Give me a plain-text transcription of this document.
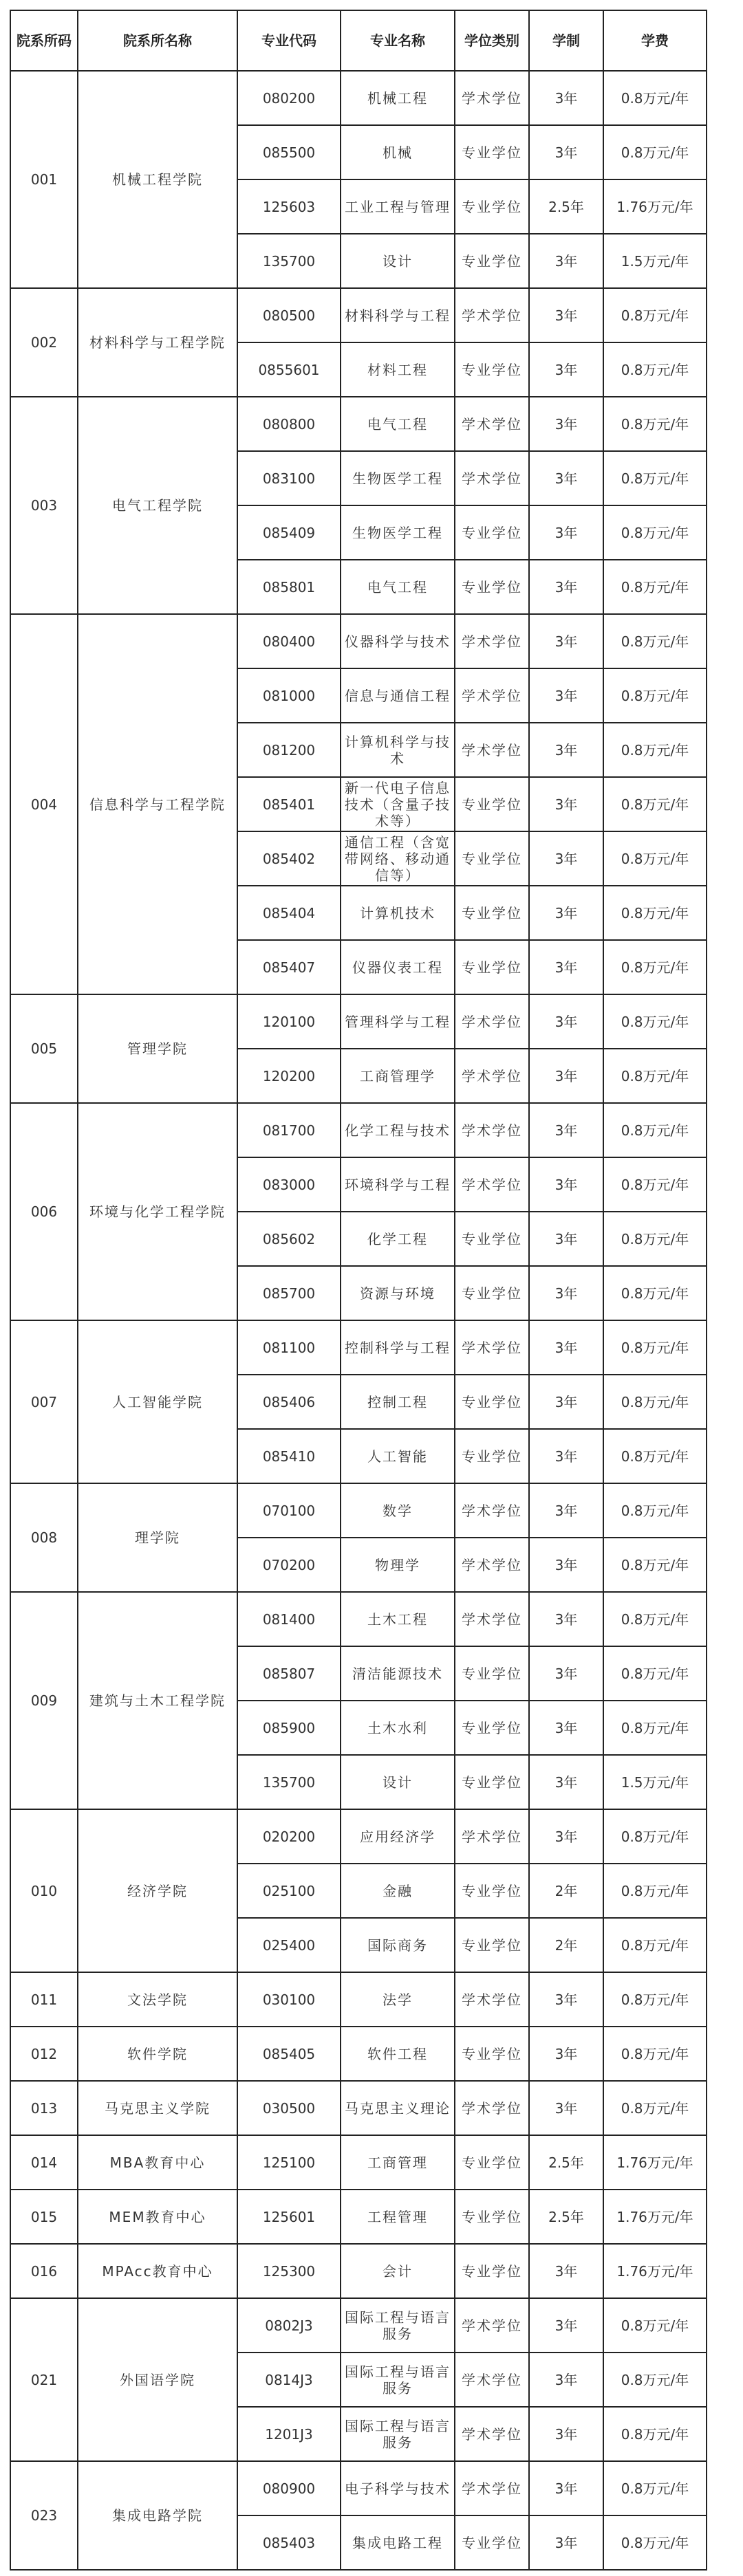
院系所码	院系所名称	专业代码	专业名称	学位类别	学制	学费
001	机械工程学院	080200	机械工程	学术学位	3年	0.8万元/年
		085500	机械	专业学位	3年	0.8万元/年
		125603	工业工程与管理	专业学位	2.5年	1.76万元/年
		135700	设计	专业学位	3年	1.5万元/年
002	材料科学与工程学院	080500	材料科学与工程	学术学位	3年	0.8万元/年
		0855601	材料工程	专业学位	3年	0.8万元/年
003	电气工程学院	080800	电气工程	学术学位	3年	0.8万元/年
		083100	生物医学工程	学术学位	3年	0.8万元/年
		085409	生物医学工程	专业学位	3年	0.8万元/年
		085801	电气工程	专业学位	3年	0.8万元/年
004	信息科学与工程学院	080400	仪器科学与技术	学术学位	3年	0.8万元/年
		081000	信息与通信工程	学术学位	3年	0.8万元/年
		081200	计算机科学与技术	学术学位	3年	0.8万元/年
		085401	新一代电子信息技术（含量子技术等）	专业学位	3年	0.8万元/年
		085402	通信工程（含宽带网络、移动通信等）	专业学位	3年	0.8万元/年
		085404	计算机技术	专业学位	3年	0.8万元/年
		085407	仪器仪表工程	专业学位	3年	0.8万元/年
005	管理学院	120100	管理科学与工程	学术学位	3年	0.8万元/年
		120200	工商管理学	学术学位	3年	0.8万元/年
006	环境与化学工程学院	081700	化学工程与技术	学术学位	3年	0.8万元/年
		083000	环境科学与工程	学术学位	3年	0.8万元/年
		085602	化学工程	专业学位	3年	0.8万元/年
		085700	资源与环境	专业学位	3年	0.8万元/年
007	人工智能学院	081100	控制科学与工程	学术学位	3年	0.8万元/年
		085406	控制工程	专业学位	3年	0.8万元/年
		085410	人工智能	专业学位	3年	0.8万元/年
008	理学院	070100	数学	学术学位	3年	0.8万元/年
		070200	物理学	学术学位	3年	0.8万元/年
009	建筑与土木工程学院	081400	土木工程	学术学位	3年	0.8万元/年
		085807	清洁能源技术	专业学位	3年	0.8万元/年
		085900	土木水利	专业学位	3年	0.8万元/年
		135700	设计	专业学位	3年	1.5万元/年
010	经济学院	020200	应用经济学	学术学位	3年	0.8万元/年
		025100	金融	专业学位	2年	0.8万元/年
		025400	国际商务	专业学位	2年	0.8万元/年
011	文法学院	030100	法学	学术学位	3年	0.8万元/年
012	软件学院	085405	软件工程	专业学位	3年	0.8万元/年
013	马克思主义学院	030500	马克思主义理论	学术学位	3年	0.8万元/年
014	MBA教育中心	125100	工商管理	专业学位	2.5年	1.76万元/年
015	MEM教育中心	125601	工程管理	专业学位	2.5年	1.76万元/年
016	MPAcc教育中心	125300	会计	专业学位	3年	1.76万元/年
021	外国语学院	0802J3	国际工程与语言服务	学术学位	3年	0.8万元/年
		0814J3	国际工程与语言服务	学术学位	3年	0.8万元/年
		1201J3	国际工程与语言服务	学术学位	3年	0.8万元/年
023	集成电路学院	080900	电子科学与技术	学术学位	3年	0.8万元/年
		085403	集成电路工程	专业学位	3年	0.8万元/年
